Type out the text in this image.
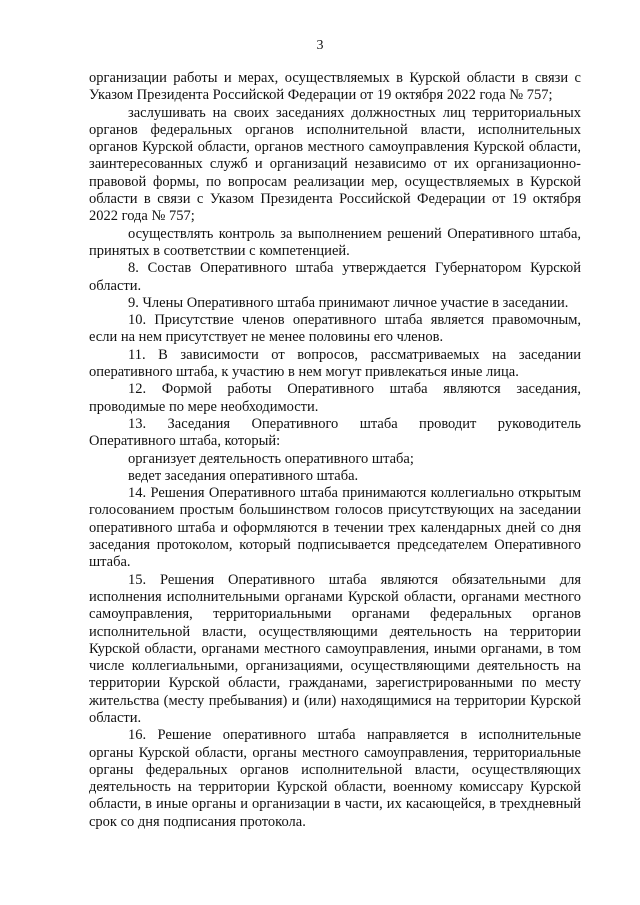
3

организации работы и мерах, осуществляемых в Курской области в связи с Указом Президента Российской Федерации от 19 октября 2022 года № 757;

заслушивать на своих заседаниях должностных лиц территориальных органов федеральных органов исполнительной власти, исполнительных органов Курской области, органов местного самоуправления Курской области, заинтересованных служб и организаций независимо от их организационно-правовой формы, по вопросам реализации мер, осуществляемых в Курской области в связи с Указом Президента Российской Федерации от 19 октября 2022 года № 757;

осуществлять контроль за выполнением решений Оперативного штаба, принятых в соответствии с компетенцией.

8. Состав Оперативного штаба утверждается Губернатором Курской области.

9. Члены Оперативного штаба принимают личное участие в заседании.

10. Присутствие членов оперативного штаба является правомочным, если на нем присутствует не менее половины его членов.

11. В зависимости от вопросов, рассматриваемых на заседании оперативного штаба, к участию в нем могут привлекаться иные лица.

12. Формой работы Оперативного штаба являются заседания, проводимые по мере необходимости.

13. Заседания Оперативного штаба проводит руководитель Оперативного штаба, который:

организует деятельность оперативного штаба;

ведет заседания оперативного штаба.

14. Решения Оперативного штаба принимаются коллегиально открытым голосованием простым большинством голосов присутствующих на заседании оперативного штаба и оформляются в течении трех календарных дней со дня заседания протоколом, который подписывается председателем Оперативного штаба.

15. Решения Оперативного штаба являются обязательными для исполнения исполнительными органами Курской области, органами местного самоуправления, территориальными органами федеральных органов исполнительной власти, осуществляющими деятельность на территории Курской области, органами местного самоуправления, иными органами, в том числе коллегиальными, организациями, осуществляющими деятельность на территории Курской области, гражданами, зарегистрированными по месту жительства (месту пребывания) и (или) находящимися на территории Курской области.

16. Решение оперативного штаба направляется в исполнительные органы Курской области, органы местного самоуправления, территориальные органы федеральных органов исполнительной власти, осуществляющих деятельность на территории Курской области, военному комиссару Курской области, в иные органы и организации в части, их касающейся, в трехдневный срок со дня подписания протокола.
